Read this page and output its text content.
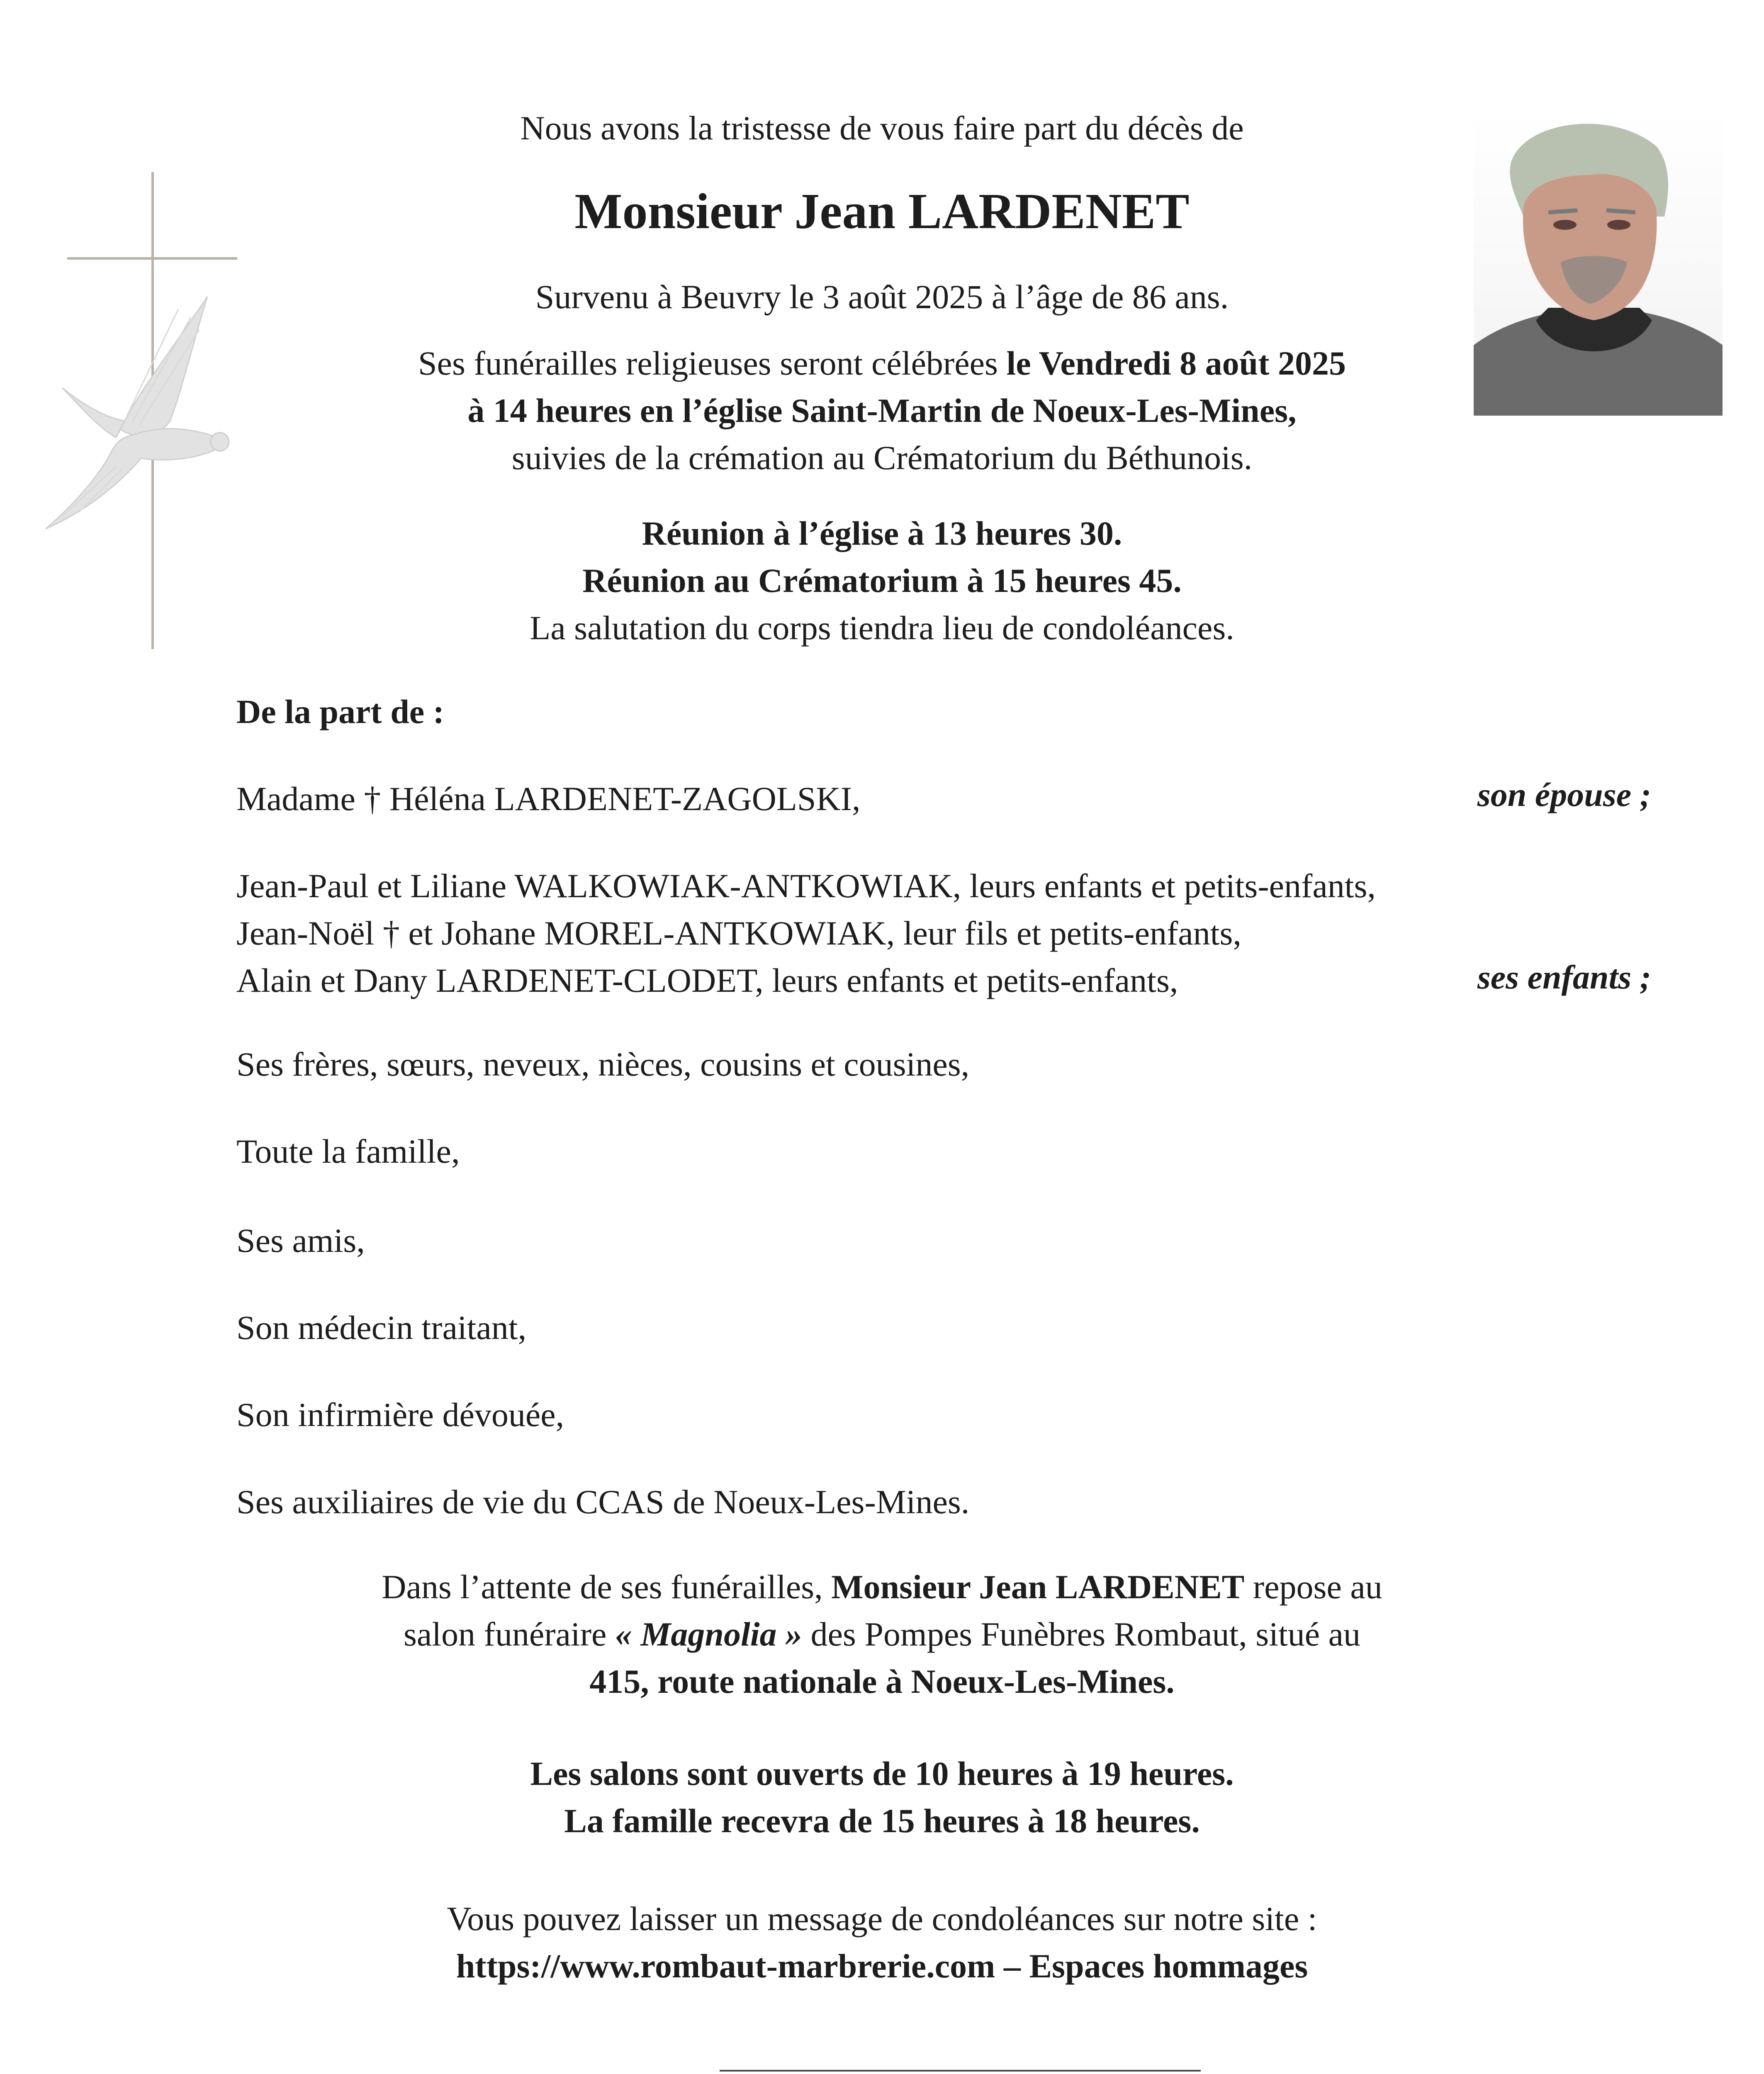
Nous avons la tristesse de vous faire part du décès de
Monsieur Jean LARDENET
Survenu à Beuvry le 3 août 2025 à l’âge de 86 ans.
Ses funérailles religieuses seront célébrées le Vendredi 8 août 2025
à 14 heures en l’église Saint-Martin de Noeux-Les-Mines,
suivies de la crémation au Crématorium du Béthunois.
Réunion à l’église à 13 heures 30.
Réunion au Crématorium à 15 heures 45.
La salutation du corps tiendra lieu de condoléances.
De la part de :
Madame † Héléna LARDENET-ZAGOLSKI,	son épouse ;
Jean-Paul et Liliane WALKOWIAK-ANTKOWIAK, leurs enfants et petits-enfants,
Jean-Noël † et Johane MOREL-ANTKOWIAK, leur fils et petits-enfants,
Alain et Dany LARDENET-CLODET, leurs enfants et petits-enfants,	ses enfants ;
Ses frères, sœurs, neveux, nièces, cousins et cousines,
Toute la famille,
Ses amis,
Son médecin traitant,
Son infirmière dévouée,
Ses auxiliaires de vie du CCAS de Noeux-Les-Mines.
Dans l’attente de ses funérailles, Monsieur Jean LARDENET repose au
salon funéraire « Magnolia » des Pompes Funèbres Rombaut, situé au
415, route nationale à Noeux-Les-Mines.
Les salons sont ouverts de 10 heures à 19 heures.
La famille recevra de 15 heures à 18 heures.
Vous pouvez laisser un message de condoléances sur notre site :
https://www.rombaut-marbrerie.com – Espaces hommages
